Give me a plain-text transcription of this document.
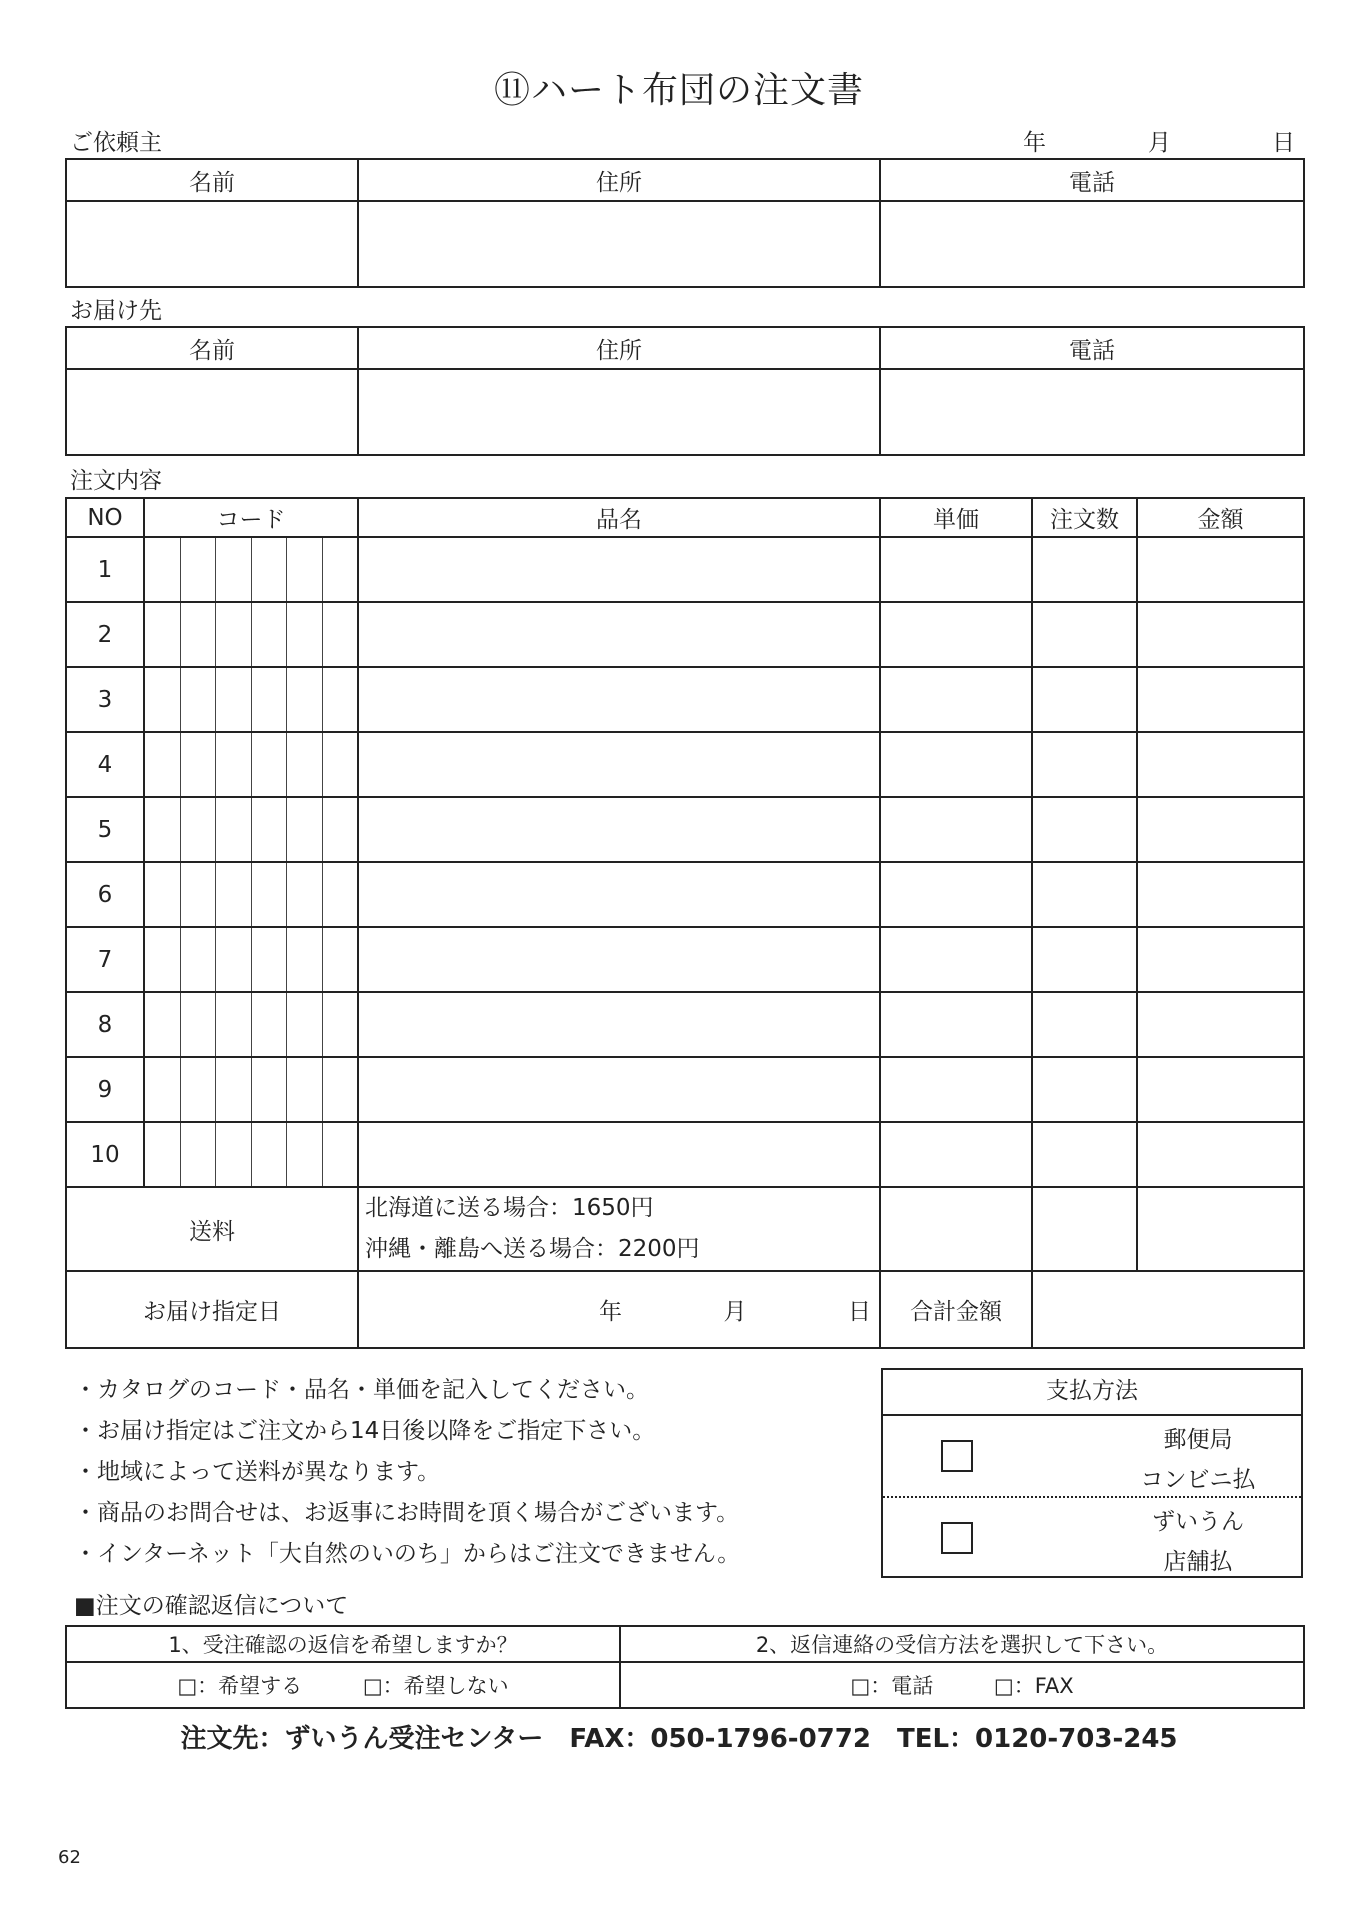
⑪ハート布団の注文書
ご依頼主	年	月	日
名前	住所	電話

お届け先
名前	住所	電話

注文内容
NO	コード	品名	単価	注文数	金額
1	

2	

3	

4	

5	

6	

7	

8	

9	

10	

送料		北海道に送る場合：1650円
沖縄・離島へ送る場合：2200円			

お届け指定日		年 月 日	合計金額		
・カタログのコード・品名・単価を記入してください。
・お届け指定はご注文から14日後以降をご指定下さい。
・地域によって送料が異なります。
・商品のお問合せは、お返事にお時間を頂く場合がございます。
・インターネット「大自然のいのち」からはご注文できません。
支払方法
郵便局
コンビニ払
ずいうん
店舗払
■注文の確認返信について
1、受注確認の返信を希望しますか？	2、返信連絡の受信方法を選択して下さい。
□：希望する □：希望しない	□：電話 □：FAX
注文先：ずいうん受注センター　FAX：050-1796-0772　TEL：0120-703-245
62
